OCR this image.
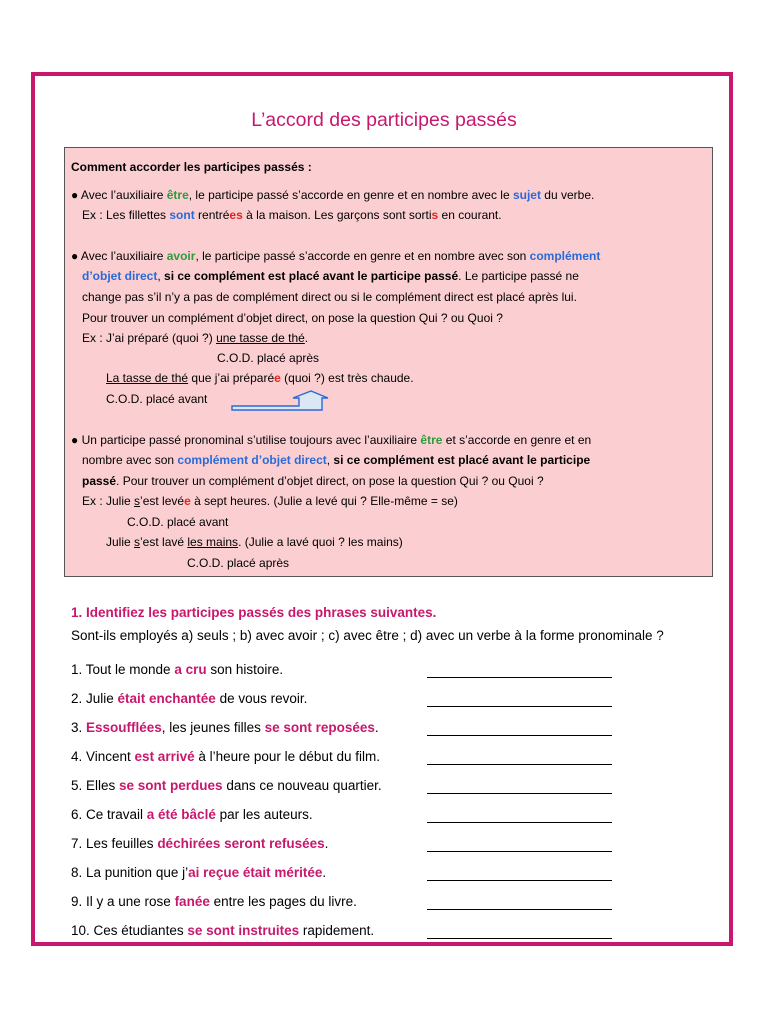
L’accord des participes passés
Comment accorder les participes passés :
● Avec l’auxiliaire être, le participe passé s’accorde en genre et en nombre avec le sujet du verbe.
Ex : Les fillettes sont rentrées à la maison. Les garçons sont sortis en courant.
● Avec l’auxiliaire avoir, le participe passé s’accorde en genre et en nombre avec son complément
d’objet direct, si ce complément est placé avant le participe passé. Le participe passé ne
change pas s’il n’y a pas de complément direct ou si le complément direct est placé après lui.
Pour trouver un complément d’objet direct, on pose la question Qui ? ou Quoi ?
Ex : J’ai préparé (quoi ?) une tasse de thé.
C.O.D. placé après
La tasse de thé que j’ai préparée (quoi ?) est très chaude.
C.O.D. placé avant
● Un participe passé pronominal s’utilise toujours avec l’auxiliaire être et s’accorde en genre et en
nombre avec son complément d’objet direct, si ce complément est placé avant le participe
passé. Pour trouver un complément d’objet direct, on pose la question Qui ? ou Quoi ?
Ex : Julie s’est levée à sept heures. (Julie a levé qui ? Elle-même = se)
C.O.D. placé avant
Julie s’est lavé les mains. (Julie a lavé quoi ? les mains)
C.O.D. placé après
1. Identifiez les participes passés des phrases suivantes.
Sont-ils employés a) seuls ; b) avec avoir ; c) avec être ; d) avec un verbe à la forme pronominale ?
1. Tout le monde a cru son histoire.
2. Julie était enchantée de vous revoir.
3. Essoufflées, les jeunes filles se sont reposées.
4. Vincent est arrivé à l’heure pour le début du film.
5. Elles se sont perdues dans ce nouveau quartier.
6. Ce travail a été bâclé par les auteurs.
7. Les feuilles déchirées seront refusées.
8. La punition que j’ai reçue était méritée.
9. Il y a une rose fanée entre les pages du livre.
10. Ces étudiantes se sont instruites rapidement.
